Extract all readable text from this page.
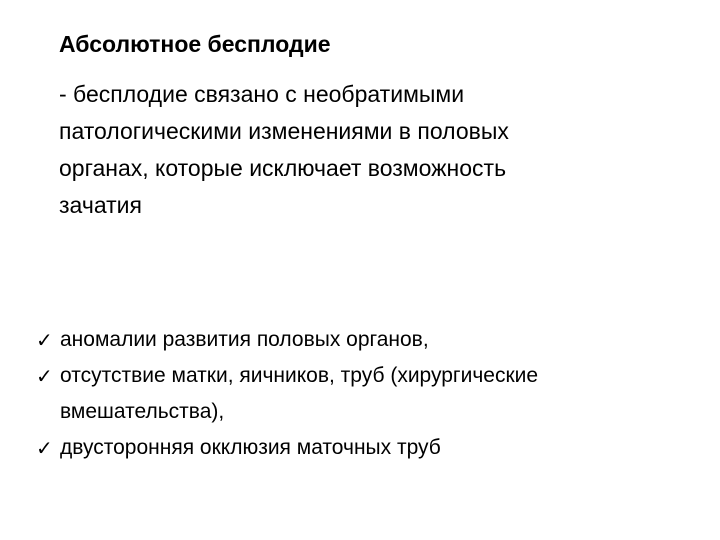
Абсолютное бесплодие
- бесплодие связано с необратимыми
патологическими изменениями в половых
органах, которые исключает возможность
зачатия
✓ аномалии развития половых органов,
✓ отсутствие матки, яичников, труб (хирургические
вмешательства),
✓ двусторонняя окклюзия маточных труб
